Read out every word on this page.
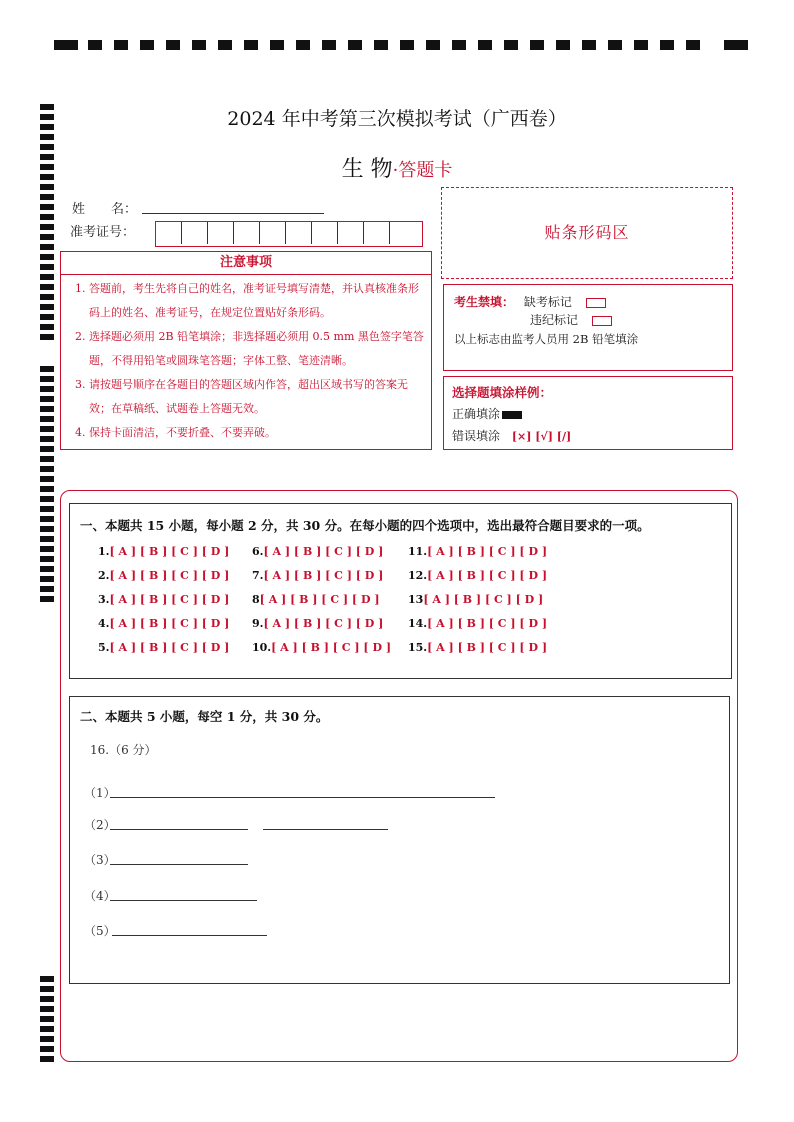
2024 年中考第三次模拟考试（广西卷）
生 物·答题卡
姓　　名：
准考证号：	贴条形码区
注意事项
1. 答题前，考生先将自己的姓名，准考证号填写清楚，并认真核准条形码上的姓名、准考证号，在规定位置贴好条形码。
2. 选择题必须用 2B 铅笔填涂；非选择题必须用 0.5 mm 黑色签字笔答题，不得用铅笔或圆珠笔答题；字体工整、笔迹清晰。
3. 请按题号顺序在各题目的答题区域内作答，超出区域书写的答案无效；在草稿纸、试题卷上答题无效。
4. 保持卡面清洁，不要折叠、不要弄破。
考生禁填： 缺考标记
违纪标记
以上标志由监考人员用 2B 铅笔填涂
选择题填涂样例：
正确填涂
错误填涂 [×] [√] [/]
一、本题共 15 小题，每小题 2 分，共 30 分。在每小题的四个选项中，选出最符合题目要求的一项。
1.[ A ] [ B ] [ C ] [ D ]
2.[ A ] [ B ] [ C ] [ D ]
3.[ A ] [ B ] [ C ] [ D ]
4.[ A ] [ B ] [ C ] [ D ]
5.[ A ] [ B ] [ C ] [ D ]
6.[ A ] [ B ] [ C ] [ D ]
7.[ A ] [ B ] [ C ] [ D ]
8[ A ] [ B ] [ C ] [ D ]
9.[ A ] [ B ] [ C ] [ D ]
10.[ A ] [ B ] [ C ] [ D ]
11.[ A ] [ B ] [ C ] [ D ]
12.[ A ] [ B ] [ C ] [ D ]
13[ A ] [ B ] [ C ] [ D ]
14.[ A ] [ B ] [ C ] [ D ]
15.[ A ] [ B ] [ C ] [ D ]
二、本题共 5 小题，每空 1 分，共 30 分。
16.（6 分）
（1）
（2）
（3）
（4）
（5）
